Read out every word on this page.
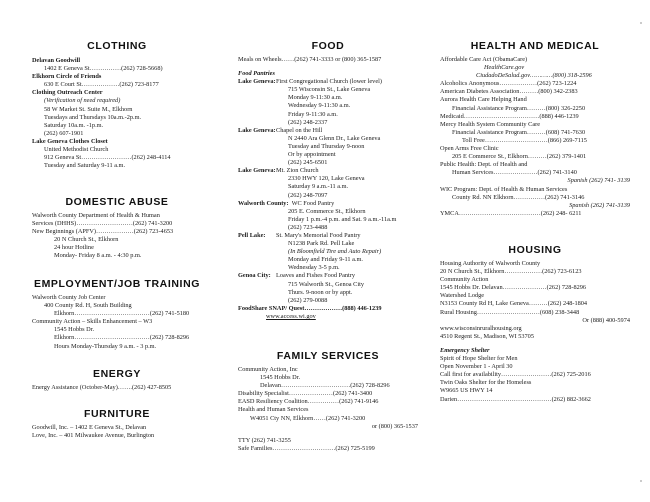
CLOTHING
Delavan Goodwill
1402 E Geneva St……………(262) 728-5668)
Elkhorn Circle of Friends
630 E Court St………………(262) 723-8177
Clothing Outreach Center
(Verification of need required)
58 W Market St. Suite M., Elkhorn
Tuesdays and Thursdays 10a.m.-2p.m.
Saturday 10a.m. -1p.m.
(262) 607-1901
Lake Geneva Clothes Closet
United Methodist Church
912 Geneva St……………………(262) 248-4114
Tuesday and Saturday 9-11 a.m.
DOMESTIC ABUSE
Walworth County Department of Health & Human
Services (DHHS)………………………(262) 741-3200
New Beginnings (APFV)………………(262) 723-4653
20 N Church St., Elkhorn
24 hour Hotline
Monday- Friday 8 a.m. - 4:30 p.m.
EMPLOYMENT/JOB TRAINING
Walworth County Job Center
400 County Rd. H, South Building
Elkhorn………………………………(262) 741-5180
Community Action – Skills Enhancement – W3
1545 Hobbs Dr.
Elkhorn………………………………(262) 728-8296
Hours Monday-Thursday 9 a.m. - 3 p.m.
ENERGY
Energy Assistance (October-May)…….(262) 427-8505
FURNITURE
Goodwill, Inc. – 1402 E Geneva St., Delavan
Love, Inc. – 401 Milwaukee Avenue, Burlington
FOOD
Meals on Wheels……(262) 741-3333 or (800) 365-1587
Food Pantries
Lake Geneva: First Congregational Church (lower level)
715 Wisconsin St., Lake Geneva
Monday 9-11:30 a.m.
Wednesday 9-11:30 a.m.
Friday 9-11:30 a.m.
(262) 248-2337
Lake Geneva: Chapel on the Hill
N 2440 Ara Glenn Dr., Lake Geneva
Tuesday and Thursday 9-noon
Or by appointment
(262) 245-6501
Lake Geneva: Mt. Zion Church
2330 HWY 120, Lake Geneva
Saturday 9 a.m.-11 a.m.
(262) 248-7097
Walworth County: WC Food Pantry
205 E. Commerce St., Elkhorn
Friday 1 p.m.-4 p.m. and Sat. 9 a.m.-11a.m
(262) 723-4488
Pell Lake:	St. Mary's Memorial Food Pantry
N1238 Park Rd. Pell Lake
(In Bloomfield Tire and Auto Repair)
Monday and Friday 9-11 a.m.
Wednesday 3-5 p.m.
Genoa City: Loaves and Fishes Food Pantry
715 Walworth St., Genoa City
Thurs. 9-noon or by appt.
(262) 279-0088
FoodShare SNAP/ Quest………………(888) 446-1239
www.access.wi.gov
FAMILY SERVICES
Community Action, Inc
1545 Hobbs Dr.
Delavan……………………………(262) 728-8296
Disability Specialist…………………(262) 741-3400
EASD Resiliency Coalition……………(262) 741-9146
Health and Human Services
W4051 Cty NN, Elkhorn……(262) 741-3200
or (800) 365-1537
TTY (262) 741-3255
Safe Families…………………………(262) 725-5199
HEALTH AND MEDICAL
Affordable Care Act (ObamaCare)
HealthCare.gov
CiudadoDeSalud.gov…………(800) 318-2596
Alcoholics Anonymous………………(262) 723-1224
American Diabetes Association………(800) 342-2383
Aurora Health Care Helping Hand
Financial Assistance Program………(800) 326-2250
Medicaid………………………………(888) 446-1239
Mercy Health System Community Care
Financial Assistance Program………(608) 741-7630
Toll Free…………………………(866) 269-7115
Open Arms Free Clinic
205 E Commerce St., Elkhorn………(262) 379-1401
Public Health: Dept. of Health and
Human Services…………………(262) 741-3140
Spanish (262) 741- 3139
WIC Program: Dept. of Health & Human Services
County Rd. NN Elkhorn……………(262) 741-3146
Spanish (262) 741-3139
YMCA…………………………………(262) 248- 6211
HOUSING
Housing Authority of Walworth County
20 N Church St., Elkhorn………………(262) 723-6123
Community Action
1545 Hobbs Dr. Delavan…………………(262) 728-8296
Watershed Lodge
N3153 County Rd H, Lake Geneva………(262) 248-1804
Rural Housing…………………………(608) 238-3448
Or (888) 400-5974
www.wisconsinruralhousing.org
4510 Regent St., Madison, WI 53705
Emergency Shelter
Spirit of Hope Shelter for Men
Open November 1 - April 30
Call first for availability……………………(262) 725-2016
Twin Oaks Shelter for the Homeless
W9665 US HWY 14
Darien………………………………………(262) 882-3662
